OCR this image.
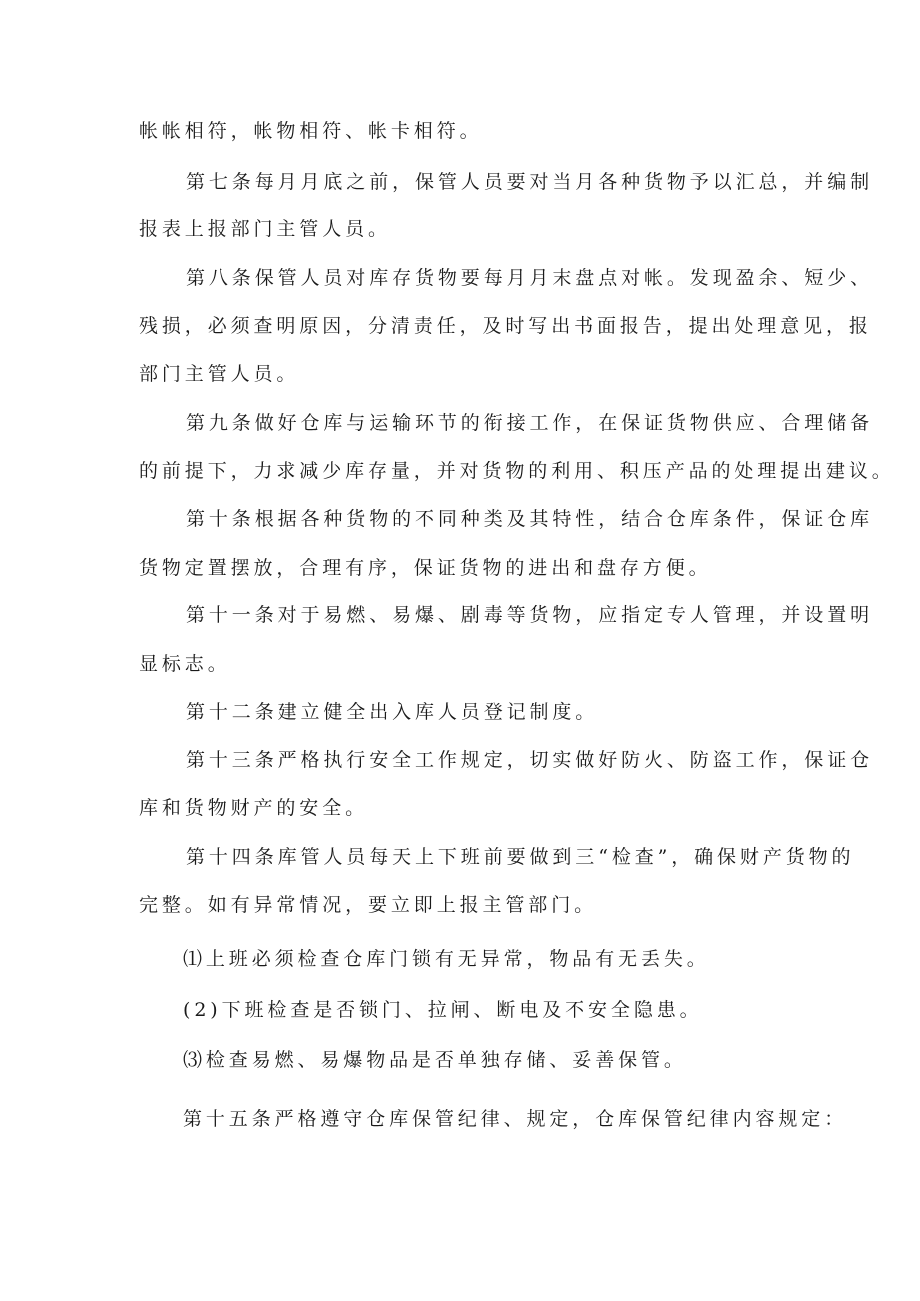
帐帐相符，帐物相符、帐卡相符。

第七条每月月底之前，保管人员要对当月各种货物予以汇总，并编制

报表上报部门主管人员。

第八条保管人员对库存货物要每月月末盘点对帐。发现盈余、短少、

残损，必须查明原因，分清责任，及时写出书面报告，提出处理意见，报

部门主管人员。

第九条做好仓库与运输环节的衔接工作，在保证货物供应、合理储备

的前提下，力求减少库存量，并对货物的利用、积压产品的处理提出建议。

第十条根据各种货物的不同种类及其特性，结合仓库条件，保证仓库

货物定置摆放，合理有序，保证货物的进出和盘存方便。

第十一条对于易燃、易爆、剧毒等货物，应指定专人管理，并设置明

显标志。

第十二条建立健全出入库人员登记制度。

第十三条严格执行安全工作规定，切实做好防火、防盗工作，保证仓

库和货物财产的安全。

第十四条库管人员每天上下班前要做到三“检查”，确保财产货物的

完整。如有异常情况，要立即上报主管部门。

⑴上班必须检查仓库门锁有无异常，物品有无丢失。

(2)下班检查是否锁门、拉闸、断电及不安全隐患。

⑶检查易燃、易爆物品是否单独存储、妥善保管。

第十五条严格遵守仓库保管纪律、规定，仓库保管纪律内容规定：
